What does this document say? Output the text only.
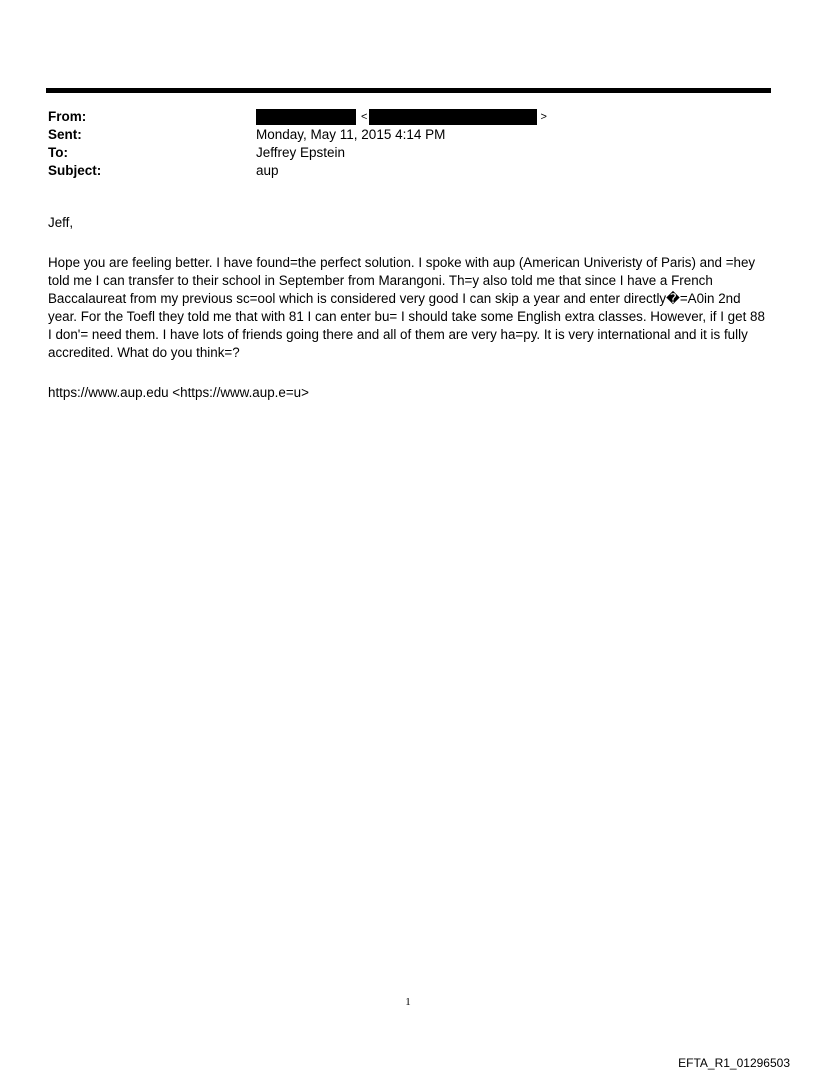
From:	<	>
Sent:	Monday, May 11, 2015 4:14 PM
To:	Jeffrey Epstein
Subject:	aup

Jeff,

Hope you are feeling better. I have found=the perfect solution. I spoke with aup (American Univeristy of Paris) and =hey
told me I can transfer to their school in September from Marangoni. Th=y also told me that since I have a French
Baccalaureat from my previous sc=ool which is considered very good I can skip a year and enter directly�=A0in 2nd
year. For the Toefl they told me that with 81 I can enter bu= I should take some English extra classes. However, if I get 88
I don'= need them. I have lots of friends going there and all of them are very ha=py. It is very international and it is fully
accredited. What do you think=?

https://www.aup.edu <https://www.aup.e=u>

1
EFTA_R1_01296503
